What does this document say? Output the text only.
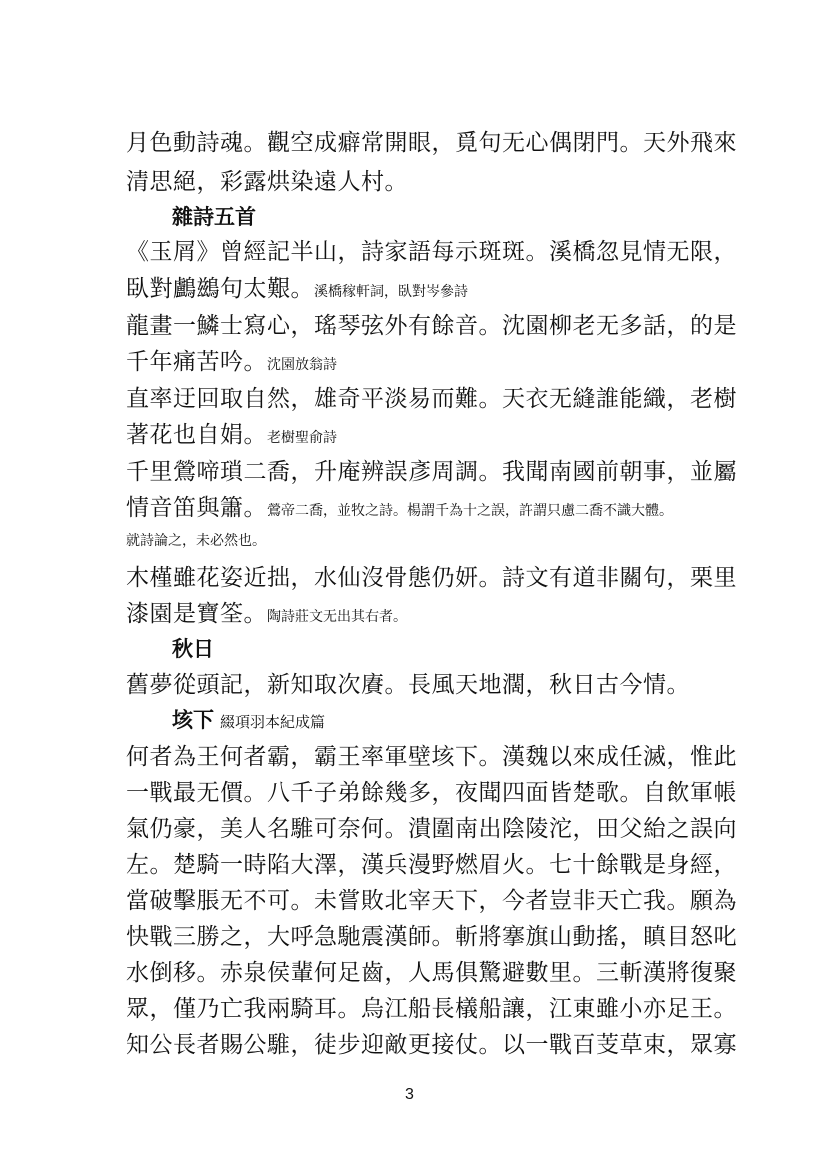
月色動詩魂。觀空成癖常開眼，覓句无心偶閉門。天外飛來
清思絕，彩露烘染遠人村。
雜詩五首
《玉屑》曾經記半山，詩家語每示斑斑。溪橋忽見情无限，
臥對鸕鷀句太艱。溪橋稼軒詞，臥對岑參詩
龍畫一鱗士寫心，瑤琴弦外有餘音。沈園柳老无多話，的是
千年痛苦吟。沈園放翁詩
直率迂回取自然，雄奇平淡易而難。天衣无縫誰能織，老樹
著花也自娟。老樹聖俞詩
千里鶯啼瑣二喬，升庵辨誤彥周調。我聞南國前朝事，並屬
情音笛與簫。鶯帝二喬，並牧之詩。楊謂千為十之誤，許謂只慮二喬不識大體。
就詩論之，未必然也。
木槿雖花姿近拙，水仙沒骨態仍妍。詩文有道非關句，栗里
漆園是寶筌。陶詩莊文无出其右者。
秋日
舊夢從頭記，新知取次賡。長風天地濶，秋日古今情。
垓下 綴項羽本紀成篇
何者為王何者霸，霸王率軍壁垓下。漢魏以來成任滅，惟此
一戰最无價。八千子弟餘幾多，夜聞四面皆楚歌。自飲軍帳
氣仍豪，美人名騅可奈何。潰圍南出陰陵沱，田父紿之誤向
左。楚騎一時陷大澤，漢兵漫野燃眉火。七十餘戰是身經，
當破擊脹无不可。未嘗敗北宰天下，今者豈非天亡我。願為
快戰三勝之，大呼急馳震漢師。斬將搴旗山動搖，瞋目怒叱
水倒移。赤泉侯輩何足齒，人馬俱驚避數里。三斬漢將復聚
眾，僅乃亡我兩騎耳。烏江船長檥船讓，江東雖小亦足王。
知公長者賜公騅，徒步迎敵更接仗。以一戰百芰草束，眾寡
3
